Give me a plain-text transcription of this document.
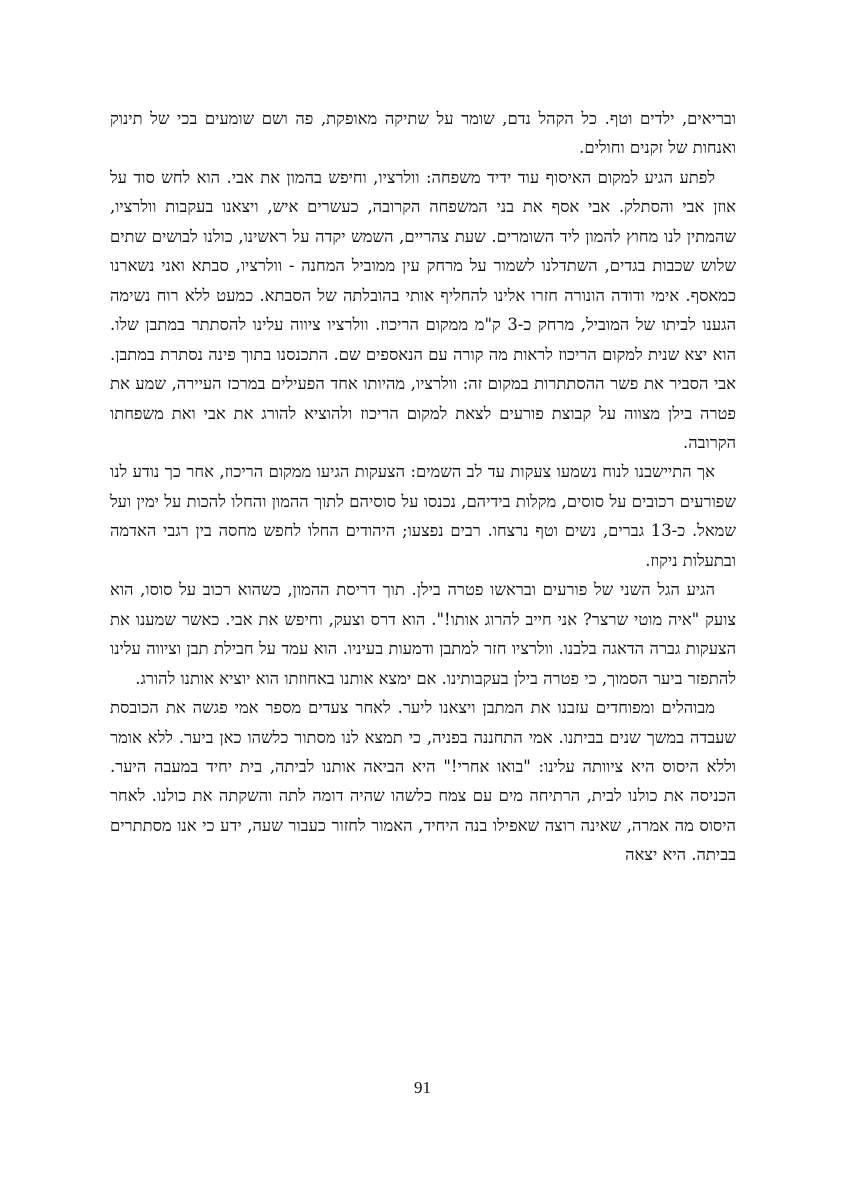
ובריאים, ילדים וטף. כל הקהל נדם, שומר על שתיקה מאופקת, פה ושם שומעים בכי של תינוק ואנחות של זקנים וחולים.

לפתע הגיע למקום האיסוף עוד ידיד משפחה: וולרציו, וחיפש בהמון את אבי. הוא לחש סוד על אוזן אבי והסתלק. אבי אסף את בני המשפחה הקרובה, כעשרים איש, ויצאנו בעקבות וולרציו, שהמתין לנו מחוץ להמון ליד השומרים. שעת צהריים, השמש יקדה על ראשינו, כולנו לבושים שתים שלוש שכבות בגדים, השתדלנו לשמור על מרחק עין ממוביל המחנה - וולרציו, סבתא ואני נשארנו כמאסף. אימי ודודה הונורה חזרו אלינו להחליף אותי בהובלתה של הסבתא. כמעט ללא רוח נשימה הגענו לביתו של המוביל, מרחק כ-3 ק"מ ממקום הריכוז. וולרציו ציווה עלינו להסתתר במתבן שלו. הוא יצא שנית למקום הריכוז לראות מה קורה עם הנאספים שם. התכנסנו בתוך פינה נסתרת במתבן. אבי הסביר את פשר ההסתתרות במקום זה: וולרציו, מהיותו אחד הפעילים במרכז העיירה, שמע את פטרה בילן מצווה על קבוצת פורעים לצאת למקום הריכוז ולהוציא להורג את אבי ואת משפחתו הקרובה.

אך התיישבנו לנוח נשמעו צעקות עד לב השמים: הצעקות הגיעו ממקום הריכוז, אחר כך נודע לנו שפורעים רכובים על סוסים, מקלות בידיהם, נכנסו על סוסיהם לתוך ההמון והחלו להכות על ימין ועל שמאל. כ-13 גברים, נשים וטף נרצחו. רבים נפצעו; היהודים החלו לחפש מחסה בין רגבי האדמה ובתעלות ניקוז.

הגיע הגל השני של פורעים ובראשו פטרה בילן. תוך דריסת ההמון, כשהוא רכוב על סוסו, הוא צועק "איה מוטי שרצר? אני חייב להרוג אותו!". הוא דרס וצעק, וחיפש את אבי. כאשר שמענו את הצעקות גברה הדאגה בלבנו. וולרציו חזר למתבן ודמעות בעיניו. הוא עמד על חבילת תבן וציווה עלינו להתפזר ביער הסמוך, כי פטרה בילן בעקבותינו. אם ימצא אותנו באחוזתו הוא יוציא אותנו להורג.

מבוהלים ומפוחדים עזבנו את המתבן ויצאנו ליער. לאחר צעדים מספר אמי פגשה את הכובסת שעבדה במשך שנים בביתנו. אמי התחננה בפניה, כי תמצא לנו מסתור כלשהו כאן ביער. ללא אומר וללא היסוס היא ציוותה עלינו: "בואו אחרי!" היא הביאה אותנו לביתה, בית יחיד במעבה היער. הכניסה את כולנו לבית, הרתיחה מים עם צמח כלשהו שהיה דומה לתה והשקתה את כולנו. לאחר היסוס מה אמרה, שאינה רוצה שאפילו בנה היחיד, האמור לחזור כעבור שעה, ידע כי אנו מסתתרים בביתה. היא יצאה

91
